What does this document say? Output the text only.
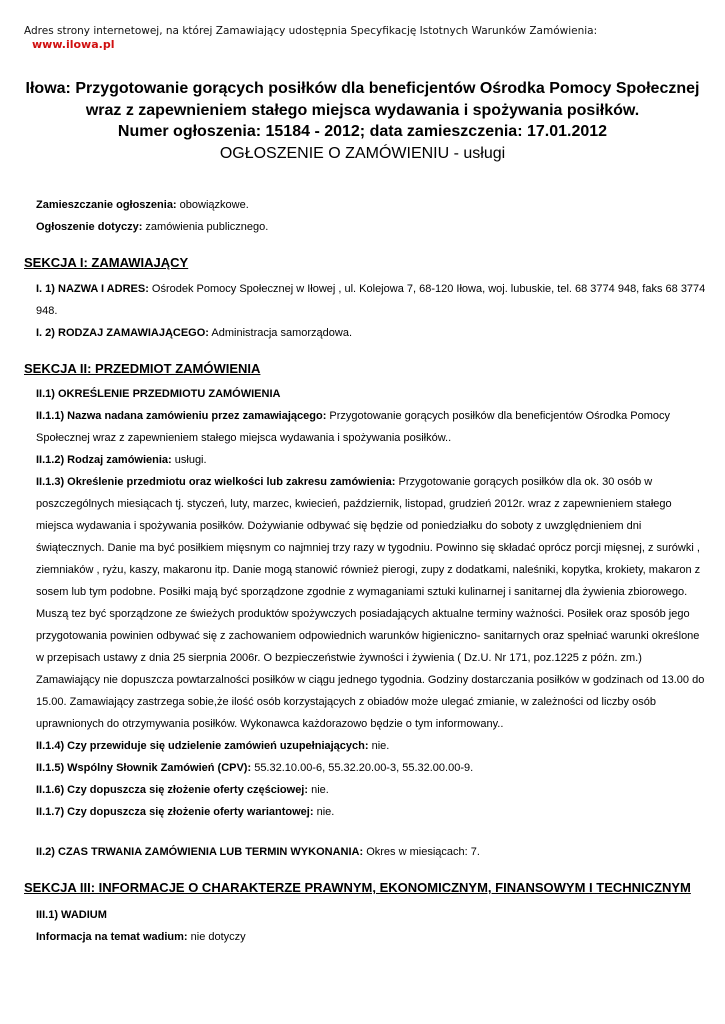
Adres strony internetowej, na której Zamawiający udostępnia Specyfikację Istotnych Warunków Zamówienia:
www.ilowa.pl
Iłowa: Przygotowanie gorących posiłków dla beneficjentów Ośrodka Pomocy Społecznej
wraz z zapewnieniem stałego miejsca wydawania i spożywania posiłków.
Numer ogłoszenia: 15184 - 2012; data zamieszczenia: 17.01.2012
OGŁOSZENIE O ZAMÓWIENIU - usługi

Zamieszczanie ogłoszenia: obowiązkowe.

Ogłoszenie dotyczy: zamówienia publicznego.

SEKCJA I: ZAMAWIAJĄCY

I. 1) NAZWA I ADRES: Ośrodek Pomocy Społecznej w Iłowej , ul. Kolejowa 7, 68-120 Iłowa, woj. lubuskie, tel. 68 3774 948, faks 68 3774 948.

I. 2) RODZAJ ZAMAWIAJĄCEGO: Administracja samorządowa.

SEKCJA II: PRZEDMIOT ZAMÓWIENIA

II.1) OKREŚLENIE PRZEDMIOTU ZAMÓWIENIA

II.1.1) Nazwa nadana zamówieniu przez zamawiającego: Przygotowanie gorących posiłków dla beneficjentów Ośrodka Pomocy Społecznej wraz z zapewnieniem stałego miejsca wydawania i spożywania posiłków..

II.1.2) Rodzaj zamówienia: usługi.

II.1.3) Określenie przedmiotu oraz wielkości lub zakresu zamówienia: Przygotowanie gorących posiłków dla ok. 30 osób w poszczególnych miesiącach tj. styczeń, luty, marzec, kwiecień, październik, listopad, grudzień 2012r. wraz z zapewnieniem stałego miejsca wydawania i spożywania posiłków. Dożywianie odbywać się będzie od poniedziałku do soboty z uwzględnieniem dni świątecznych. Danie ma być posiłkiem mięsnym co najmniej trzy razy w tygodniu. Powinno się składać oprócz porcji mięsnej, z surówki , ziemniaków , ryżu, kaszy, makaronu itp. Danie mogą stanowić również pierogi, zupy z dodatkami, naleśniki, kopytka, krokiety, makaron z sosem lub tym podobne. Posiłki mają być sporządzone zgodnie z wymaganiami sztuki kulinarnej i sanitarnej dla żywienia zbiorowego. Muszą tez być sporządzone ze świeżych produktów spożywczych posiadających aktualne terminy ważności. Posiłek oraz sposób jego przygotowania powinien odbywać się z zachowaniem odpowiednich warunków higieniczno- sanitarnych oraz spełniać warunki określone w przepisach ustawy z dnia 25 sierpnia 2006r. O bezpieczeństwie żywności i żywienia ( Dz.U. Nr 171, poz.1225 z późn. zm.) Zamawiający nie dopuszcza powtarzalności posiłków w ciągu jednego tygodnia. Godziny dostarczania posiłków w godzinach od 13.00 do 15.00. Zamawiający zastrzega sobie,że ilość osób korzystających z obiadów może ulegać zmianie, w zależności od liczby osób uprawnionych do otrzymywania posiłków. Wykonawca każdorazowo będzie o tym informowany..

II.1.4) Czy przewiduje się udzielenie zamówień uzupełniających: nie.

II.1.5) Wspólny Słownik Zamówień (CPV): 55.32.10.00-6, 55.32.20.00-3, 55.32.00.00-9.

II.1.6) Czy dopuszcza się złożenie oferty częściowej: nie.

II.1.7) Czy dopuszcza się złożenie oferty wariantowej: nie.

II.2) CZAS TRWANIA ZAMÓWIENIA LUB TERMIN WYKONANIA: Okres w miesiącach: 7.

SEKCJA III: INFORMACJE O CHARAKTERZE PRAWNYM, EKONOMICZNYM, FINANSOWYM I TECHNICZNYM

III.1) WADIUM

Informacja na temat wadium: nie dotyczy
